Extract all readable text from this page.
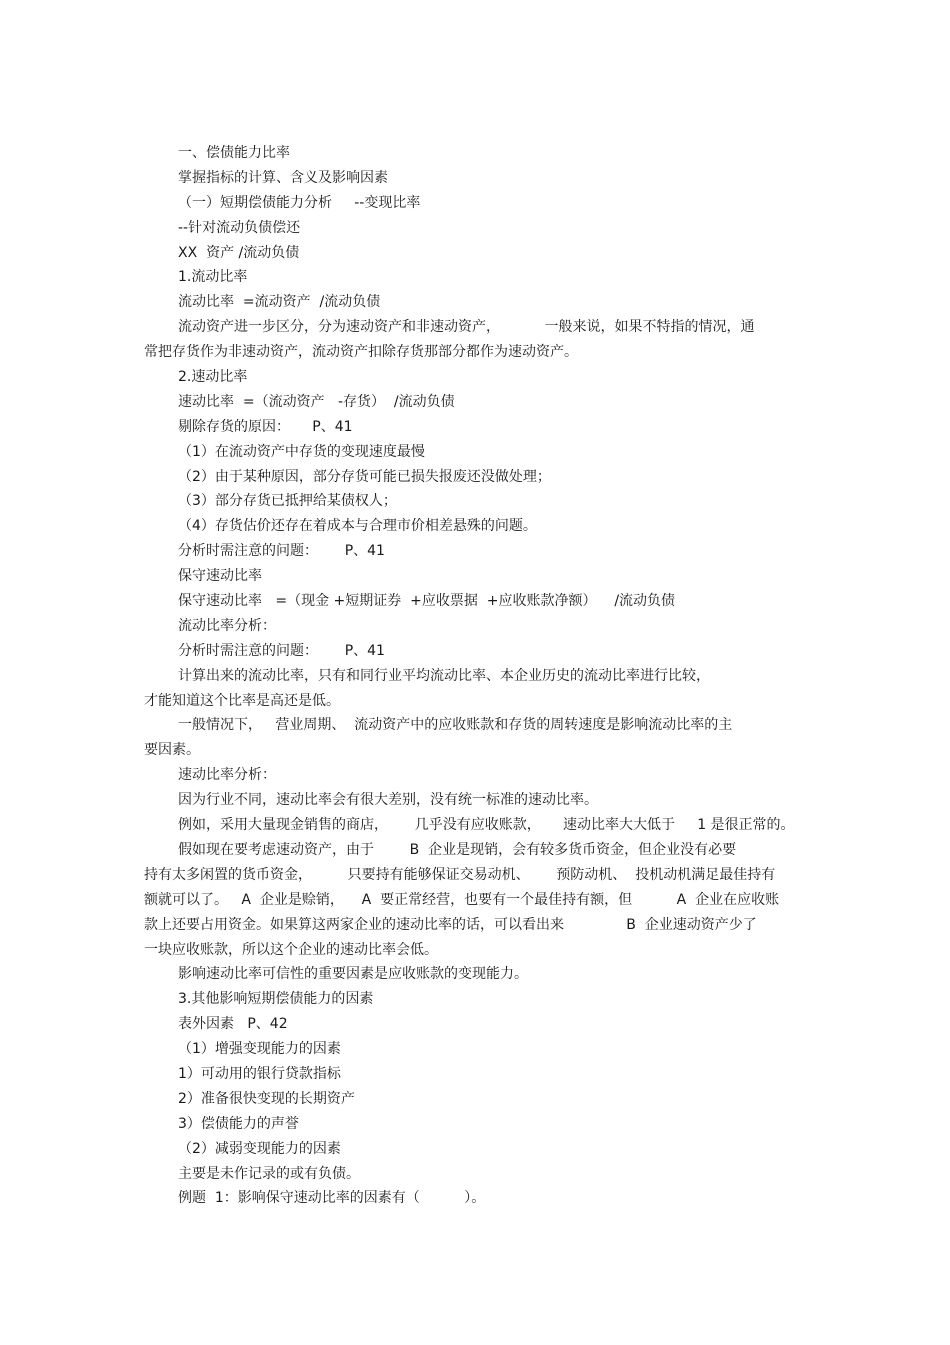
一、偿债能力比率
掌握指标的计算、含义及影响因素
（一）短期偿债能力分析     --变现比率
--针对流动负债偿还
XX  资产 /流动负债
1.流动比率
流动比率  =流动资产  /流动负债
流动资产进一步区分，分为速动资产和非速动资产，          一般来说，如果不特指的情况，通
常把存货作为非速动资产，流动资产扣除存货那部分都作为速动资产。
2.速动比率
速动比率  =（流动资产   -存货）  /流动负债
剔除存货的原因：     P、41
（1）在流动资产中存货的变现速度最慢
（2）由于某种原因，部分存货可能已损失报废还没做处理；
（3）部分存货已抵押给某债权人；
（4）存货估价还存在着成本与合理市价相差悬殊的问题。
分析时需注意的问题：      P、41
保守速动比率
保守速动比率   =（现金 +短期证券  +应收票据  +应收账款净额）    /流动负债
流动比率分析：
分析时需注意的问题：      P、41
计算出来的流动比率，只有和同行业平均流动比率、本企业历史的流动比率进行比较，
才能知道这个比率是高还是低。
一般情况下，   营业周期、  流动资产中的应收账款和存货的周转速度是影响流动比率的主
要因素。
速动比率分析：
因为行业不同，速动比率会有很大差别，没有统一标准的速动比率。
例如，采用大量现金销售的商店，      几乎没有应收账款，     速动比率大大低于     1 是很正常的。
假如现在要考虑速动资产，由于        B  企业是现销，会有较多货币资金，但企业没有必要
持有太多闲置的货币资金，        只要持有能够保证交易动机、      预防动机、  投机动机满足最佳持有
额就可以了。   A  企业是赊销，    A  要正常经营，也要有一个最佳持有额，但          A  企业在应收账
款上还要占用资金。如果算这两家企业的速动比率的话，可以看出来              B  企业速动资产少了
一块应收账款，所以这个企业的速动比率会低。
影响速动比率可信性的重要因素是应收账款的变现能力。
3.其他影响短期偿债能力的因素
表外因素   P、42
（1）增强变现能力的因素
1）可动用的银行贷款指标
2）准备很快变现的长期资产
3）偿债能力的声誉
（2）减弱变现能力的因素
主要是未作记录的或有负债。
例题  1：影响保守速动比率的因素有（          ）。
